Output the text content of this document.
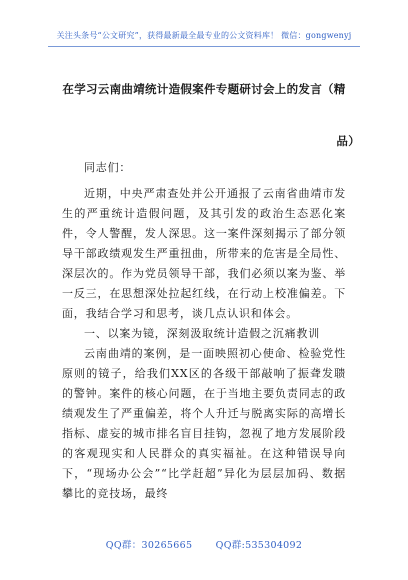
关注头条号“公文研究”，获得最新最全最专业的公文资料库！ 微信：gongwenyj
在学习云南曲靖统计造假案件专题研讨会上的发言（精
品）

同志们：

近期，中央严肃查处并公开通报了云南省曲靖市发生的严重统计造假问题，及其引发的政治生态恶化案件，令人警醒，发人深思。这一案件深刻揭示了部分领导干部政绩观发生严重扭曲，所带来的危害是全局性、深层次的。作为党员领导干部，我们必须以案为鉴、举一反三，在思想深处拉起红线，在行动上校准偏差。下面，我结合学习和思考，谈几点认识和体会。

一、以案为镜，深刻汲取统计造假之沉痛教训

云南曲靖的案例，是一面映照初心使命、检验党性原则的镜子，给我们XX区的各级干部敲响了振聋发聩的警钟。案件的核心问题，在于当地主要负责同志的政绩观发生了严重偏差，将个人升迁与脱离实际的高增长指标、虚妄的城市排名盲目挂钩，忽视了地方发展阶段的客观现实和人民群众的真实福祉。在这种错误导向下，“现场办公会”“比学赶超”异化为层层加码、数据攀比的竞技场，最终

QQ群：30265665 QQ群:535304092
